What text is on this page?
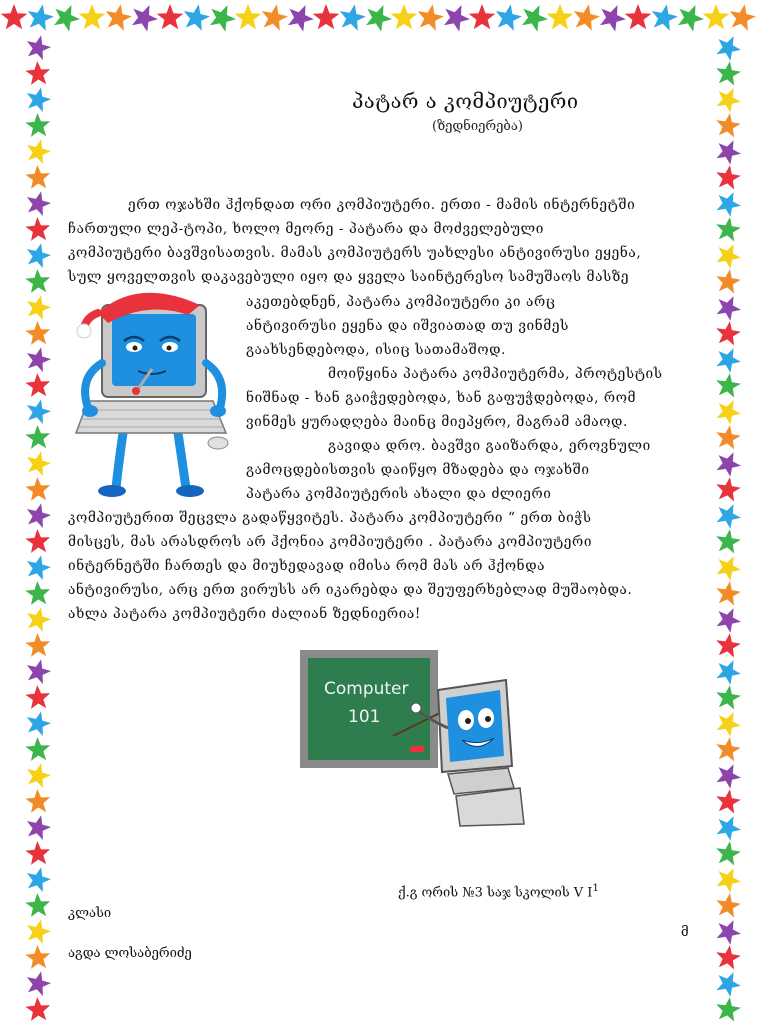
პატარ ა კომპიუტერი
(ზედნიერება)
ერთ ოჯახში ჰქონდათ ორი კომპიუტერი. ერთი - მამის ინტერნეტში
ჩართული ლეპ-ტოპი, ხოლო მეორე - პატარა და მოძველებული
კომპიუტერი ბავშვისათვის. მამას კომპიუტერს უახლესი ანტივირუსი ეყენა,
სულ ყოველთვის დაკავებული იყო და ყველა საინტერესო სამუშაოს მასზე
აკეთებდნენ, პატარა კომპიუტერი კი არც
ანტივირუსი ეყენა და იშვიათად თუ ვინმეს
გაახსენდებოდა, ისიც სათამაშოდ.
მოიწყინა პატარა კომპიუტერმა, პროტესტის
ნიშნად - ხან გაიჭედებოდა, ხან გაფუჭდებოდა, რომ
ვინმეს ყურადღება მაინც მიეპყრო, მაგრამ ამაოდ.
გავიდა დრო. ბავშვი გაიზარდა, ეროვნული
გამოცდებისთვის დაიწყო მზადება და ოჯახში
პატარა კომპიუტერის ახალი და ძლიერი
კომპიუტერით შეცვლა გადაწყვიტეს. პატარა კომპიუტერი “ ერთ ბიჭს
მისცეს, მას არასდროს არ ჰქონია კომპიუტერი . პატარა კომპიუტერი
ინტერნეტში ჩართეს და მიუხედავად იმისა რომ მას არ ჰქონდა
ანტივირუსი, არც ერთ ვირუსს არ იკარებდა და შეუფერხებლად მუშაობდა.
ახლა პატარა კომპიუტერი ძალიან ზედნიერია!
Computer
101
ქ.გ ორის №3 საჯ სკოლის V $I^1$
კლასი
მ
აგდა ლოსაბერიძე
